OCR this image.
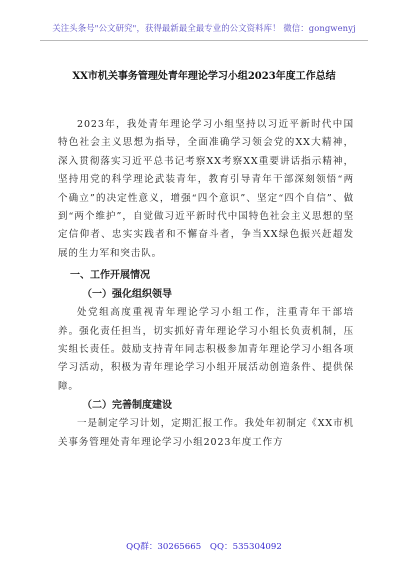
关注头条号"公文研究"，获得最新最全最专业的公文资料库！ 微信：gongwenyj
XX市机关事务管理处青年理论学习小组2023年度工作总结

2023年，我处青年理论学习小组坚持以习近平新时代中国特色社会主义思想为指导，全面准确学习领会党的XX大精神，深入贯彻落实习近平总书记考察XX考察XX重要讲话指示精神，坚持用党的科学理论武装青年，教育引导青年干部深刻领悟“两个确立”的决定性意义，增强“四个意识”、坚定“四个自信”、做到“两个维护”，自觉做习近平新时代中国特色社会主义思想的坚定信仰者、忠实实践者和不懈奋斗者，争当XX绿色振兴赶超发展的生力军和突击队。

一、工作开展情况
（一）强化组织领导

处党组高度重视青年理论学习小组工作，注重青年干部培养。强化责任担当，切实抓好青年理论学习小组长负责机制，压实组长责任。鼓励支持青年同志积极参加青年理论学习小组各项学习活动，积极为青年理论学习小组开展活动创造条件、提供保障。

（二）完善制度建设

一是制定学习计划，定期汇报工作。我处年初制定《XX市机关事务管理处青年理论学习小组2023年度工作方

QQ群：30265665 QQ：535304092
